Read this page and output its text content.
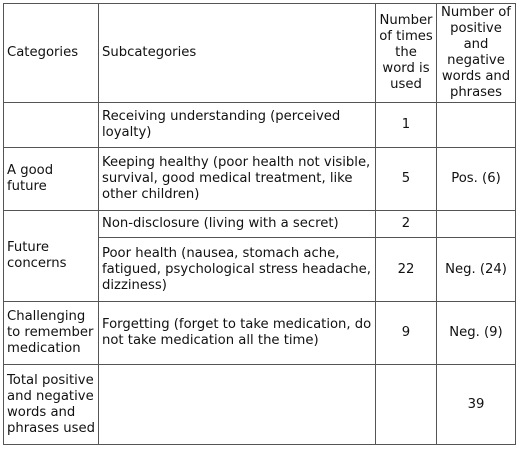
Categories	Subcategories	Number of times the word is used	Number of positive and negative words and phrases
	Receiving understanding (perceived loyalty)	1	
A good future	Keeping healthy (poor health not visible, survival, good medical treatment, like other children)	5	Pos. (6)
Future concerns	Non-disclosure (living with a secret)	2	
	Poor health (nausea, stomach ache, fatigued, psychological stress headache, dizziness)	22	Neg. (24)
Challenging to remember medication	Forgetting (forget to take medication, do not take medication all the time)	9	Neg. (9)
Total positive and negative words and phrases used			39
